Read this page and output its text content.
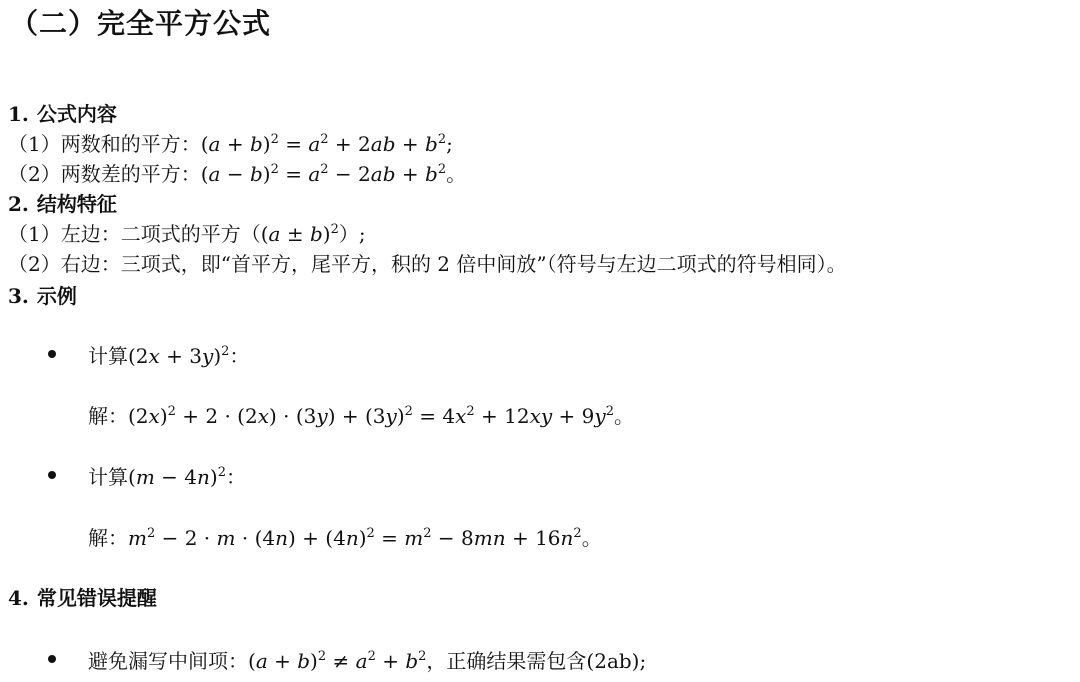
（二）完全平方公式
1. 公式内容
（1）两数和的平方：$(a + b)^2 = a^2 + 2ab + b^2$;
（2）两数差的平方：$(a - b)^2 = a^2 - 2ab + b^2$。
2. 结构特征
（1）左边：二项式的平方$((a \pm b)^2)$;
（2）右边：三项式，即“首平方，尾平方，积的 2 倍中间放”（符号与左边二项式的符号相同）。
3. 示例
计算$(2x + 3y)^2$：
解：$(2x)^2 + 2 \cdot (2x) \cdot (3y) + (3y)^2 = 4x^2 + 12xy + 9y^2$。
计算$(m - 4n)^2$：
解：$m^2 - 2 \cdot m \cdot (4n) + (4n)^2 = m^2 - 8mn + 16n^2$。
4. 常见错误提醒
避免漏写中间项：$(a + b)^2 \ne a^2 + b^2$，正确结果需包含(2ab);
